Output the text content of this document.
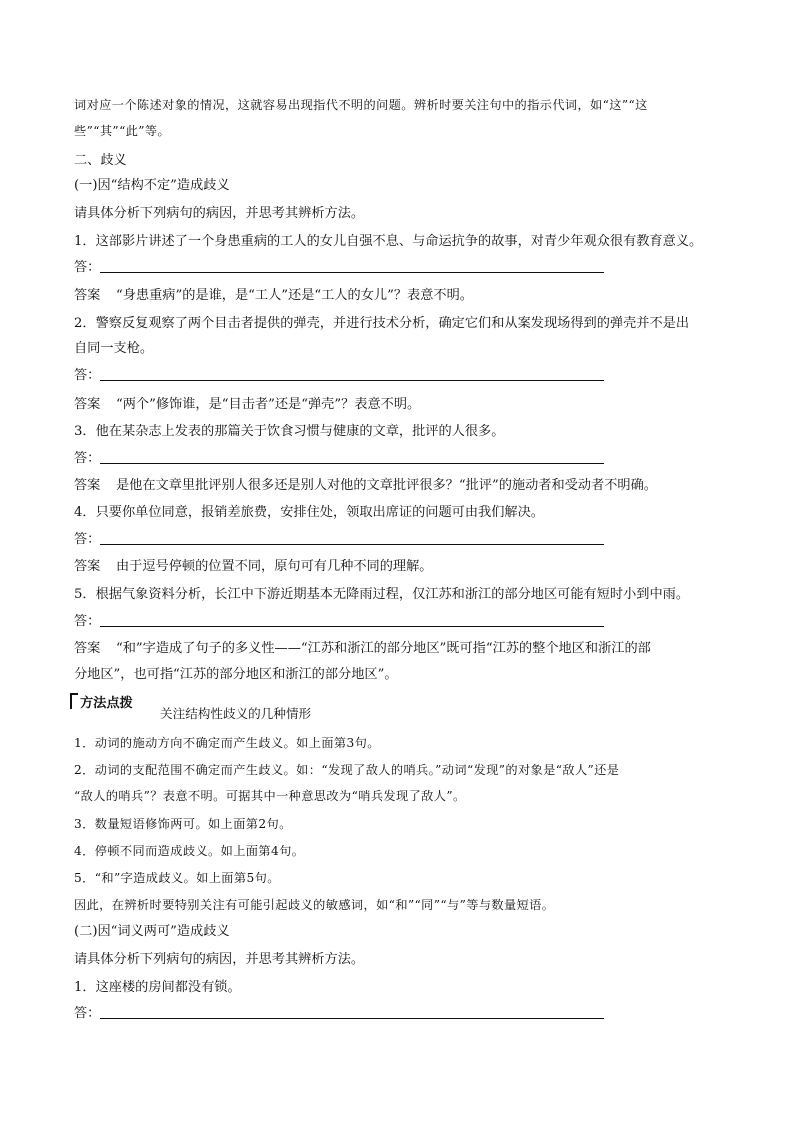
词对应一个陈述对象的情况，这就容易出现指代不明的问题。辨析时要关注句中的指示代词，如“这”“这
些”“其”“此”等。
二、歧义
(一)因“结构不定”造成歧义
请具体分析下列病句的病因，并思考其辨析方法。
1．这部影片讲述了一个身患重病的工人的女儿自强不息、与命运抗争的故事，对青少年观众很有教育意义。
答：
答案 “身患重病”的是谁，是“工人”还是“工人的女儿”？表意不明。
2．警察反复观察了两个目击者提供的弹壳，并进行技术分析，确定它们和从案发现场得到的弹壳并不是出
自同一支枪。
答：
答案 “两个”修饰谁，是“目击者”还是“弹壳”？表意不明。
3．他在某杂志上发表的那篇关于饮食习惯与健康的文章，批评的人很多。
答：
答案 是他在文章里批评别人很多还是别人对他的文章批评很多？“批评”的施动者和受动者不明确。
4．只要你单位同意，报销差旅费，安排住处，领取出席证的问题可由我们解决。
答：
答案 由于逗号停顿的位置不同，原句可有几种不同的理解。
5．根据气象资料分析，长江中下游近期基本无降雨过程，仅江苏和浙江的部分地区可能有短时小到中雨。
答：
答案 “和”字造成了句子的多义性——“江苏和浙江的部分地区”既可指“江苏的整个地区和浙江的部
分地区”，也可指“江苏的部分地区和浙江的部分地区”。
方法点拨
关注结构性歧义的几种情形
1．动词的施动方向不确定而产生歧义。如上面第3句。
2．动词的支配范围不确定而产生歧义。如：“发现了敌人的哨兵。”动词“发现”的对象是“敌人”还是
“敌人的哨兵”？表意不明。可据其中一种意思改为“哨兵发现了敌人”。
3．数量短语修饰两可。如上面第2句。
4．停顿不同而造成歧义。如上面第4句。
5．“和”字造成歧义。如上面第5句。
因此，在辨析时要特别关注有可能引起歧义的敏感词，如“和”“同”“与”等与数量短语。
(二)因“词义两可”造成歧义
请具体分析下列病句的病因，并思考其辨析方法。
1．这座楼的房间都没有锁。
答：
